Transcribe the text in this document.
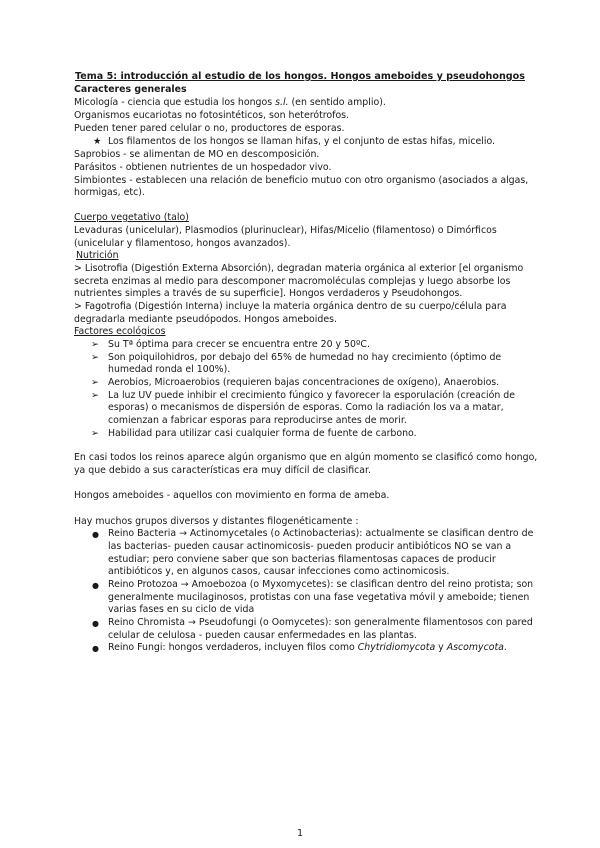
Tema 5: introducción al estudio de los hongos. Hongos ameboides y pseudohongos
Caracteres generales
Micología - ciencia que estudia los hongos s.l. (en sentido amplio).
Organismos eucariotas no fotosintéticos, son heterótrofos.
Pueden tener pared celular o no, productores de esporas.
★ Los filamentos de los hongos se llaman hifas, y el conjunto de estas hifas, micelio.
Saprobios - se alimentan de MO en descomposición.
Parásitos - obtienen nutrientes de un hospedador vivo.
Simbiontes - establecen una relación de beneficio mutuo con otro organismo (asociados a algas,
hormigas, etc).
Cuerpo vegetativo (talo)
Levaduras (unicelular), Plasmodios (plurinuclear), Hifas/Micelio (filamentoso) o Dimórficos
(unicelular y filamentoso, hongos avanzados).
Nutrición
> Lisotrofia (Digestión Externa Absorción), degradan materia orgánica al exterior [el organismo
secreta enzimas al medio para descomponer macromoléculas complejas y luego absorbe los
nutrientes simples a través de su superficie]. Hongos verdaderos y Pseudohongos.
> Fagotrofia (Digestión Interna) incluye la materia orgánica dentro de su cuerpo/célula para
degradarla mediante pseudópodos. Hongos ameboides.
Factores ecológicos
➢ Su Tª óptima para crecer se encuentra entre 20 y 50ºC.
➢ Son poiquilohidros, por debajo del 65% de humedad no hay crecimiento (óptimo de
humedad ronda el 100%).
➢ Aerobios, Microaerobios (requieren bajas concentraciones de oxígeno), Anaerobios.
➢ La luz UV puede inhibir el crecimiento fúngico y favorecer la esporulación (creación de
esporas) o mecanismos de dispersión de esporas. Como la radiación los va a matar,
comienzan a fabricar esporas para reproducirse antes de morir.
➢ Habilidad para utilizar casi cualquier forma de fuente de carbono.
En casi todos los reinos aparece algún organismo que en algún momento se clasificó como hongo,
ya que debido a sus características era muy difícil de clasificar.
Hongos ameboides - aquellos con movimiento en forma de ameba.
Hay muchos grupos diversos y distantes filogenéticamente :
● Reino Bacteria → Actinomycetales (o Actinobacterias): actualmente se clasifican dentro de
las bacterias- pueden causar actinomicosis- pueden producir antibióticos NO se van a
estudiar; pero conviene saber que son bacterias filamentosas capaces de producir
antibióticos y, en algunos casos, causar infecciones como actinomicosis.
● Reino Protozoa → Amoebozoa (o Myxomycetes): se clasifican dentro del reino protista; son
generalmente mucilaginosos, protistas con una fase vegetativa móvil y ameboide; tienen
varias fases en su ciclo de vida
● Reino Chromista → Pseudofungi (o Oomycetes): son generalmente filamentosos con pared
celular de celulosa - pueden causar enfermedades en las plantas.
● Reino Fungi: hongos verdaderos, incluyen filos como Chytridiomycota y Ascomycota.
1
